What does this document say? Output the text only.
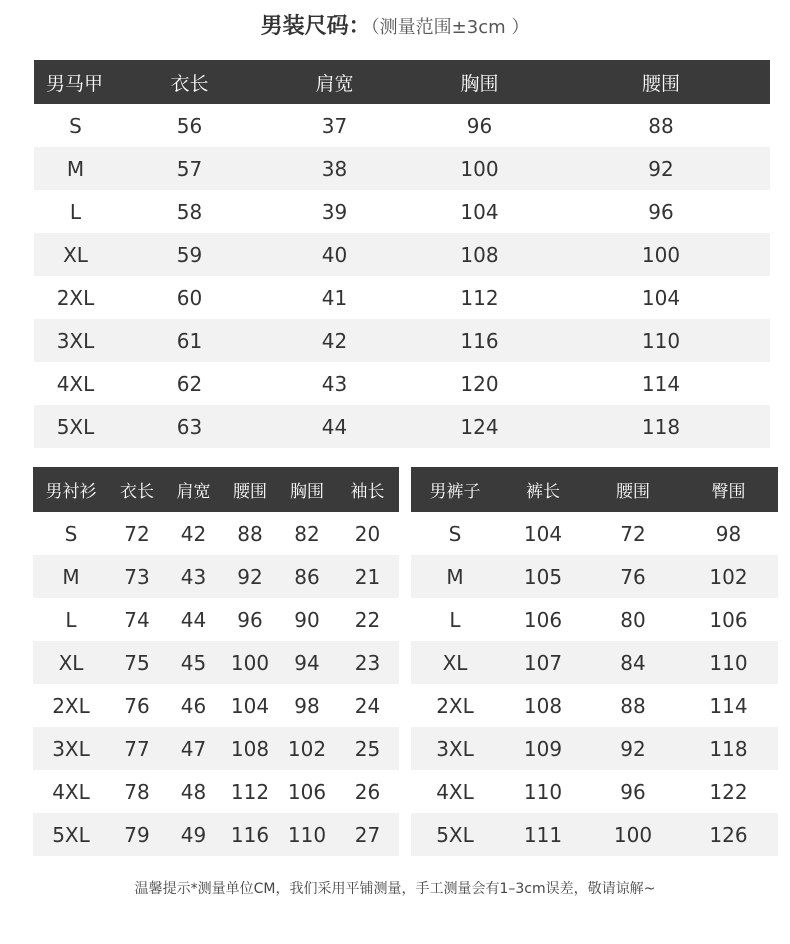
男装尺码：（测量范围±3cm ）
男马甲	衣长	肩宽	胸围	腰围
S	56	37	96	88
M	57	38	100	92
L	58	39	104	96
XL	59	40	108	100
2XL	60	41	112	104
3XL	61	42	116	110
4XL	62	43	120	114
5XL	63	44	124	118
男衬衫	衣长	肩宽	腰围	胸围	袖长
S	72	42	88	82	20
M	73	43	92	86	21
L	74	44	96	90	22
XL	75	45	100	94	23
2XL	76	46	104	98	24
3XL	77	47	108	102	25
4XL	78	48	112	106	26
5XL	79	49	116	110	27
男裤子	裤长	腰围	臀围
S	104	72	98
M	105	76	102
L	106	80	106
XL	107	84	110
2XL	108	88	114
3XL	109	92	118
4XL	110	96	122
5XL	111	100	126
温馨提示*测量单位CM，我们采用平铺测量，手工测量会有1–3cm误差，敬请谅解~
